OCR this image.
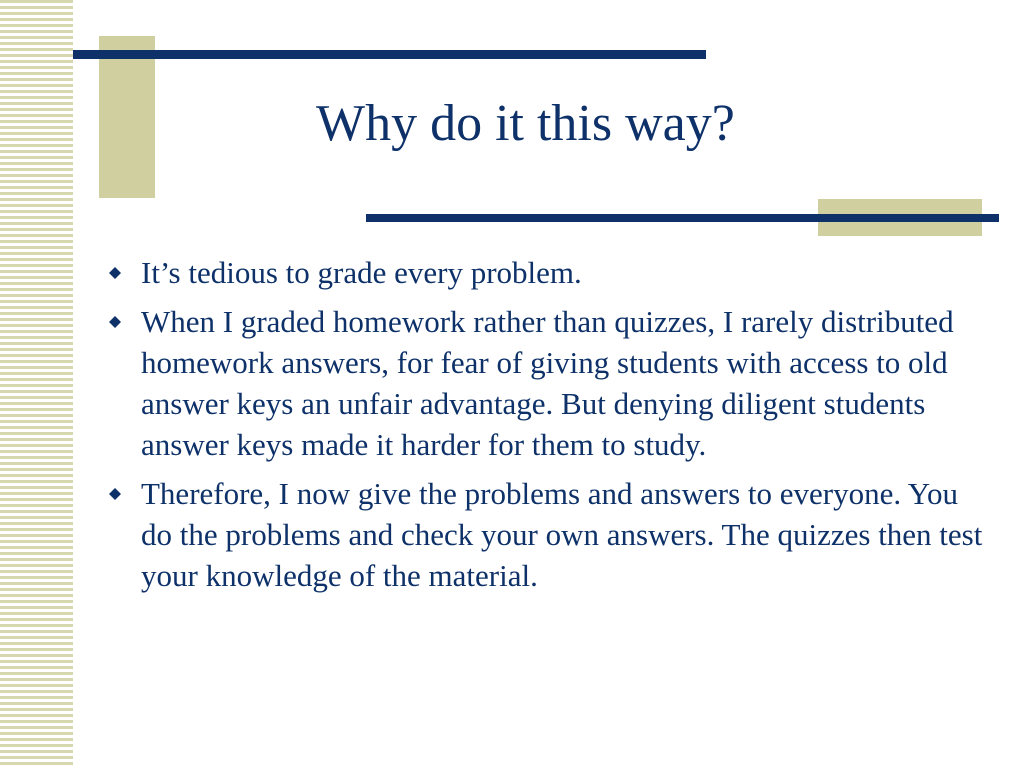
Why do it this way?
It’s tedious to grade every problem.
When I graded homework rather than quizzes, I rarely distributed homework answers, for fear of giving students with access to old answer keys an unfair advantage. But denying diligent students answer keys made it harder for them to study.
Therefore, I now give the problems and answers to everyone. You do the problems and check your own answers. The quizzes then test your knowledge of the material.
